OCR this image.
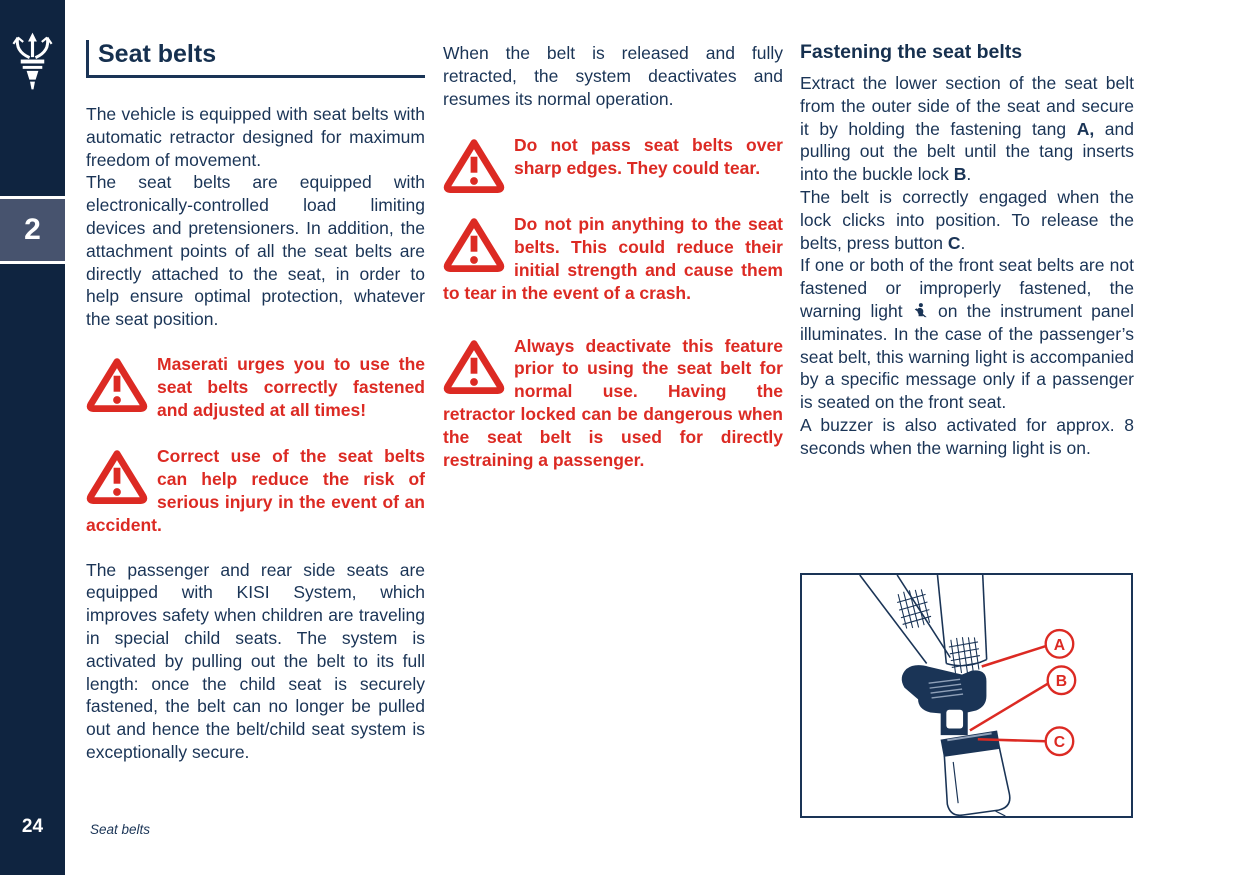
2
24
Seat belts

The vehicle is equipped with seat belts with automatic retractor designed for maximum freedom of movement.

The seat belts are equipped with electronically-controlled load limiting devices and pretensioners. In addition, the attachment points of all the seat belts are directly attached to the seat, in order to help ensure optimal protection, whatever the seat position.

Maserati urges you to use the seat belts correctly fastened and adjusted at all times!
Correct use of the seat belts can help reduce the risk of serious injury in the event of an accident.

The passenger and rear side seats are equipped with KISI System, which improves safety when children are traveling in special child seats. The system is activated by pulling out the belt to its full length: once the child seat is securely fastened, the belt can no longer be pulled out and hence the belt/child seat system is exceptionally secure.

When the belt is released and fully retracted, the system deactivates and resumes its normal operation.

Do not pass seat belts over sharp edges. They could tear.
Do not pin anything to the seat belts. This could reduce their initial strength and cause them to tear in the event of a crash.
Always deactivate this feature prior to using the seat belt for normal use. Having the retractor locked can be dangerous when the seat belt is used for directly restraining a passenger.
Fastening the seat belts

Extract the lower section of the seat belt from the outer side of the seat and secure it by holding the fastening tang A, and pulling out the belt until the tang inserts into the buckle lock B.

The belt is correctly engaged when the lock clicks into position. To release the belts, press button C.

If one or both of the front seat belts are not fastened or improperly fastened, the warning light  on the instrument panel illuminates. In the case of the passenger’s seat belt, this warning light is accompanied by a specific message only if a passenger is seated on the front seat.

A buzzer is also activated for approx. 8 seconds when the warning light is on.

A
B
C
Seat belts
